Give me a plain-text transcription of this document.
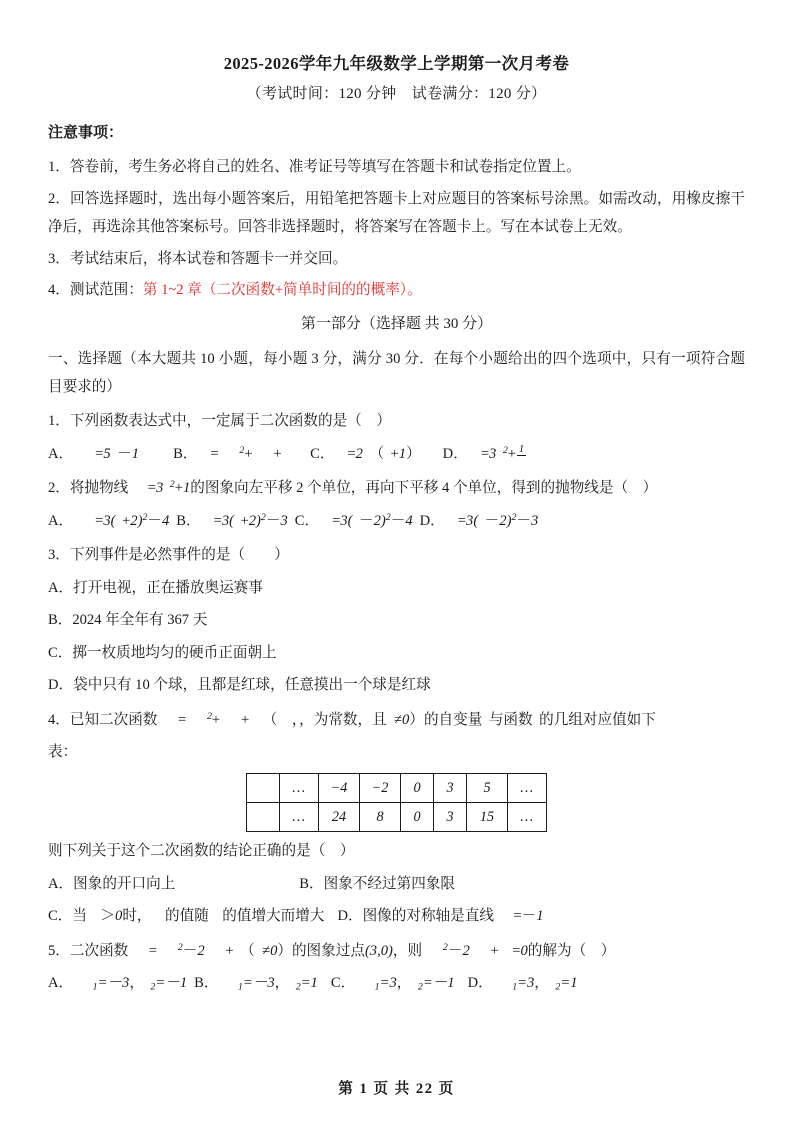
2025-2026学年九年级数学上学期第一次月考卷
（考试时间：120 分钟　试卷满分：120 分）
注意事项：

1．答卷前，考生务必将自己的姓名、准考证号等填写在答题卡和试卷指定位置上。

2．回答选择题时，选出每小题答案后，用铅笔把答题卡上对应题目的答案标号涂黑。如需改动，用橡皮擦干净后，再选涂其他答案标号。回答非选择题时，将答案写在答题卡上。写在本试卷上无效。

3．考试结束后，将本试卷和答题卡一并交回。

4．测试范围：第 1~2 章（二次函数+简单时间的的概率）。

第一部分（选择题 共 30 分）

一、选择题（本大题共 10 小题，每小题 3 分，满分 30 分．在每个小题给出的四个选项中，只有一项符合题目要求的）

1．下列函数表达式中，一定属于二次函数的是（　）

A． =5 －1 B． = $^2$+ + C． =2 （ +1） D． =3 $^2$+ 1

2．将抛物线 =3 $^2$+1的图象向左平移 2 个单位，再向下平移 4 个单位，得到的抛物线是（　）

A． $=3( +2)^2-4$ B． $=3( +2)^2-3$ C． $=3( -2)^2-4$ D． $=3( -2)^2-3$

3．下列事件是必然事件的是（　　）

A．打开电视，正在播放奥运赛事

B．2024 年全年有 367 天

C．掷一枚质地均匀的硬币正面朝上

D．袋中只有 10 个球，且都是红球，任意摸出一个球是红球

4．已知二次函数 = $^2$+ + （ ，，为常数，且 ≠0）的自变量 与函数 的几组对应值如下

表：

	…	−4	−2	0	3	5	…
	…	24	8	0	3	15	…

则下列关于这个二次函数的结论正确的是（　）

A．图象的开口向上	B．图象不经过第四象限

C．当 ＞0时， 的值随 的值增大而增大 D．图像的对称轴是直线 =－1

5．二次函数 = $^2$－2 + （ ≠0）的图象过点(3,0)，则 $^2$－2 + =0的解为（　）

A． $_1$=－3， $_2$=－1 B． $_1$=－3， $_2$=1 C． $_1$=3， $_2$=－1 D． $_1$=3， $_2$=1

第 1 页 共 22 页
